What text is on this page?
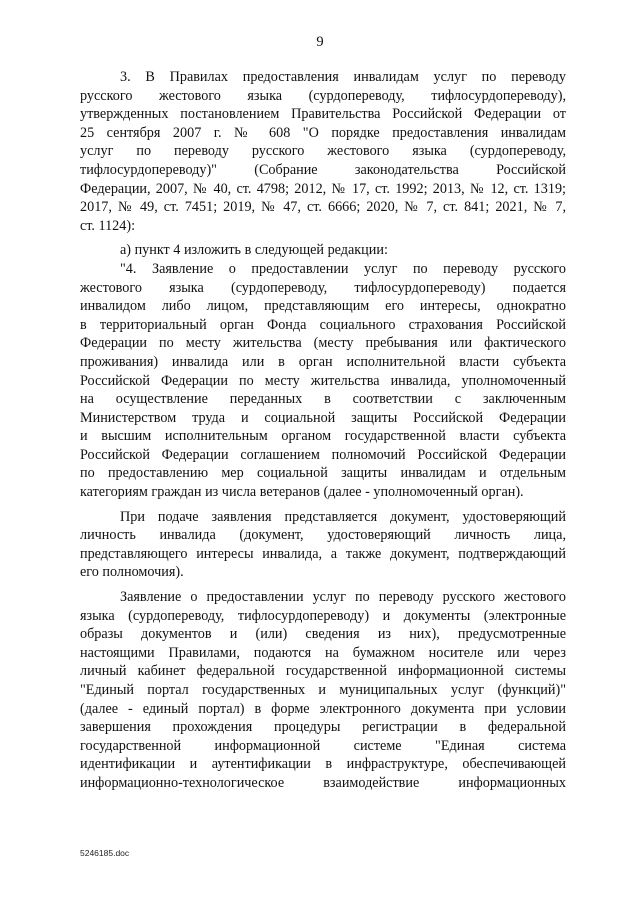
9
3. В Правилах предоставления инвалидам услуг по переводу
русского жестового языка (сурдопереводу, тифлосурдопереводу),
утвержденных постановлением Правительства Российской Федерации от
25 сентября 2007 г. № 608 "О порядке предоставления инвалидам
услуг по переводу русского жестового языка (сурдопереводу,
тифлосурдопереводу)" (Собрание законодательства Российской
Федерации, 2007, № 40, ст. 4798; 2012, № 17, ст. 1992; 2013, № 12, ст. 1319;
2017, № 49, ст. 7451; 2019, № 47, ст. 6666; 2020, № 7, ст. 841; 2021, № 7,
ст. 1124):
а) пункт 4 изложить в следующей редакции:
"4. Заявление о предоставлении услуг по переводу русского
жестового языка (сурдопереводу, тифлосурдопереводу) подается
инвалидом либо лицом, представляющим его интересы, однократно
в территориальный орган Фонда социального страхования Российской
Федерации по месту жительства (месту пребывания или фактического
проживания) инвалида или в орган исполнительной власти субъекта
Российской Федерации по месту жительства инвалида, уполномоченный
на осуществление переданных в соответствии с заключенным
Министерством труда и социальной защиты Российской Федерации
и высшим исполнительным органом государственной власти субъекта
Российской Федерации соглашением полномочий Российской Федерации
по предоставлению мер социальной защиты инвалидам и отдельным
категориям граждан из числа ветеранов (далее - уполномоченный орган).
При подаче заявления представляется документ, удостоверяющий
личность инвалида (документ, удостоверяющий личность лица,
представляющего интересы инвалида, а также документ, подтверждающий
его полномочия).
Заявление о предоставлении услуг по переводу русского жестового
языка (сурдопереводу, тифлосурдопереводу) и документы (электронные
образы документов и (или) сведения из них), предусмотренные
настоящими Правилами, подаются на бумажном носителе или через
личный кабинет федеральной государственной информационной системы
"Единый портал государственных и муниципальных услуг (функций)"
(далее - единый портал) в форме электронного документа при условии
завершения прохождения процедуры регистрации в федеральной
государственной информационной системе "Единая система
идентификации и аутентификации в инфраструктуре, обеспечивающей
информационно-технологическое взаимодействие информационных
5246185.doc
